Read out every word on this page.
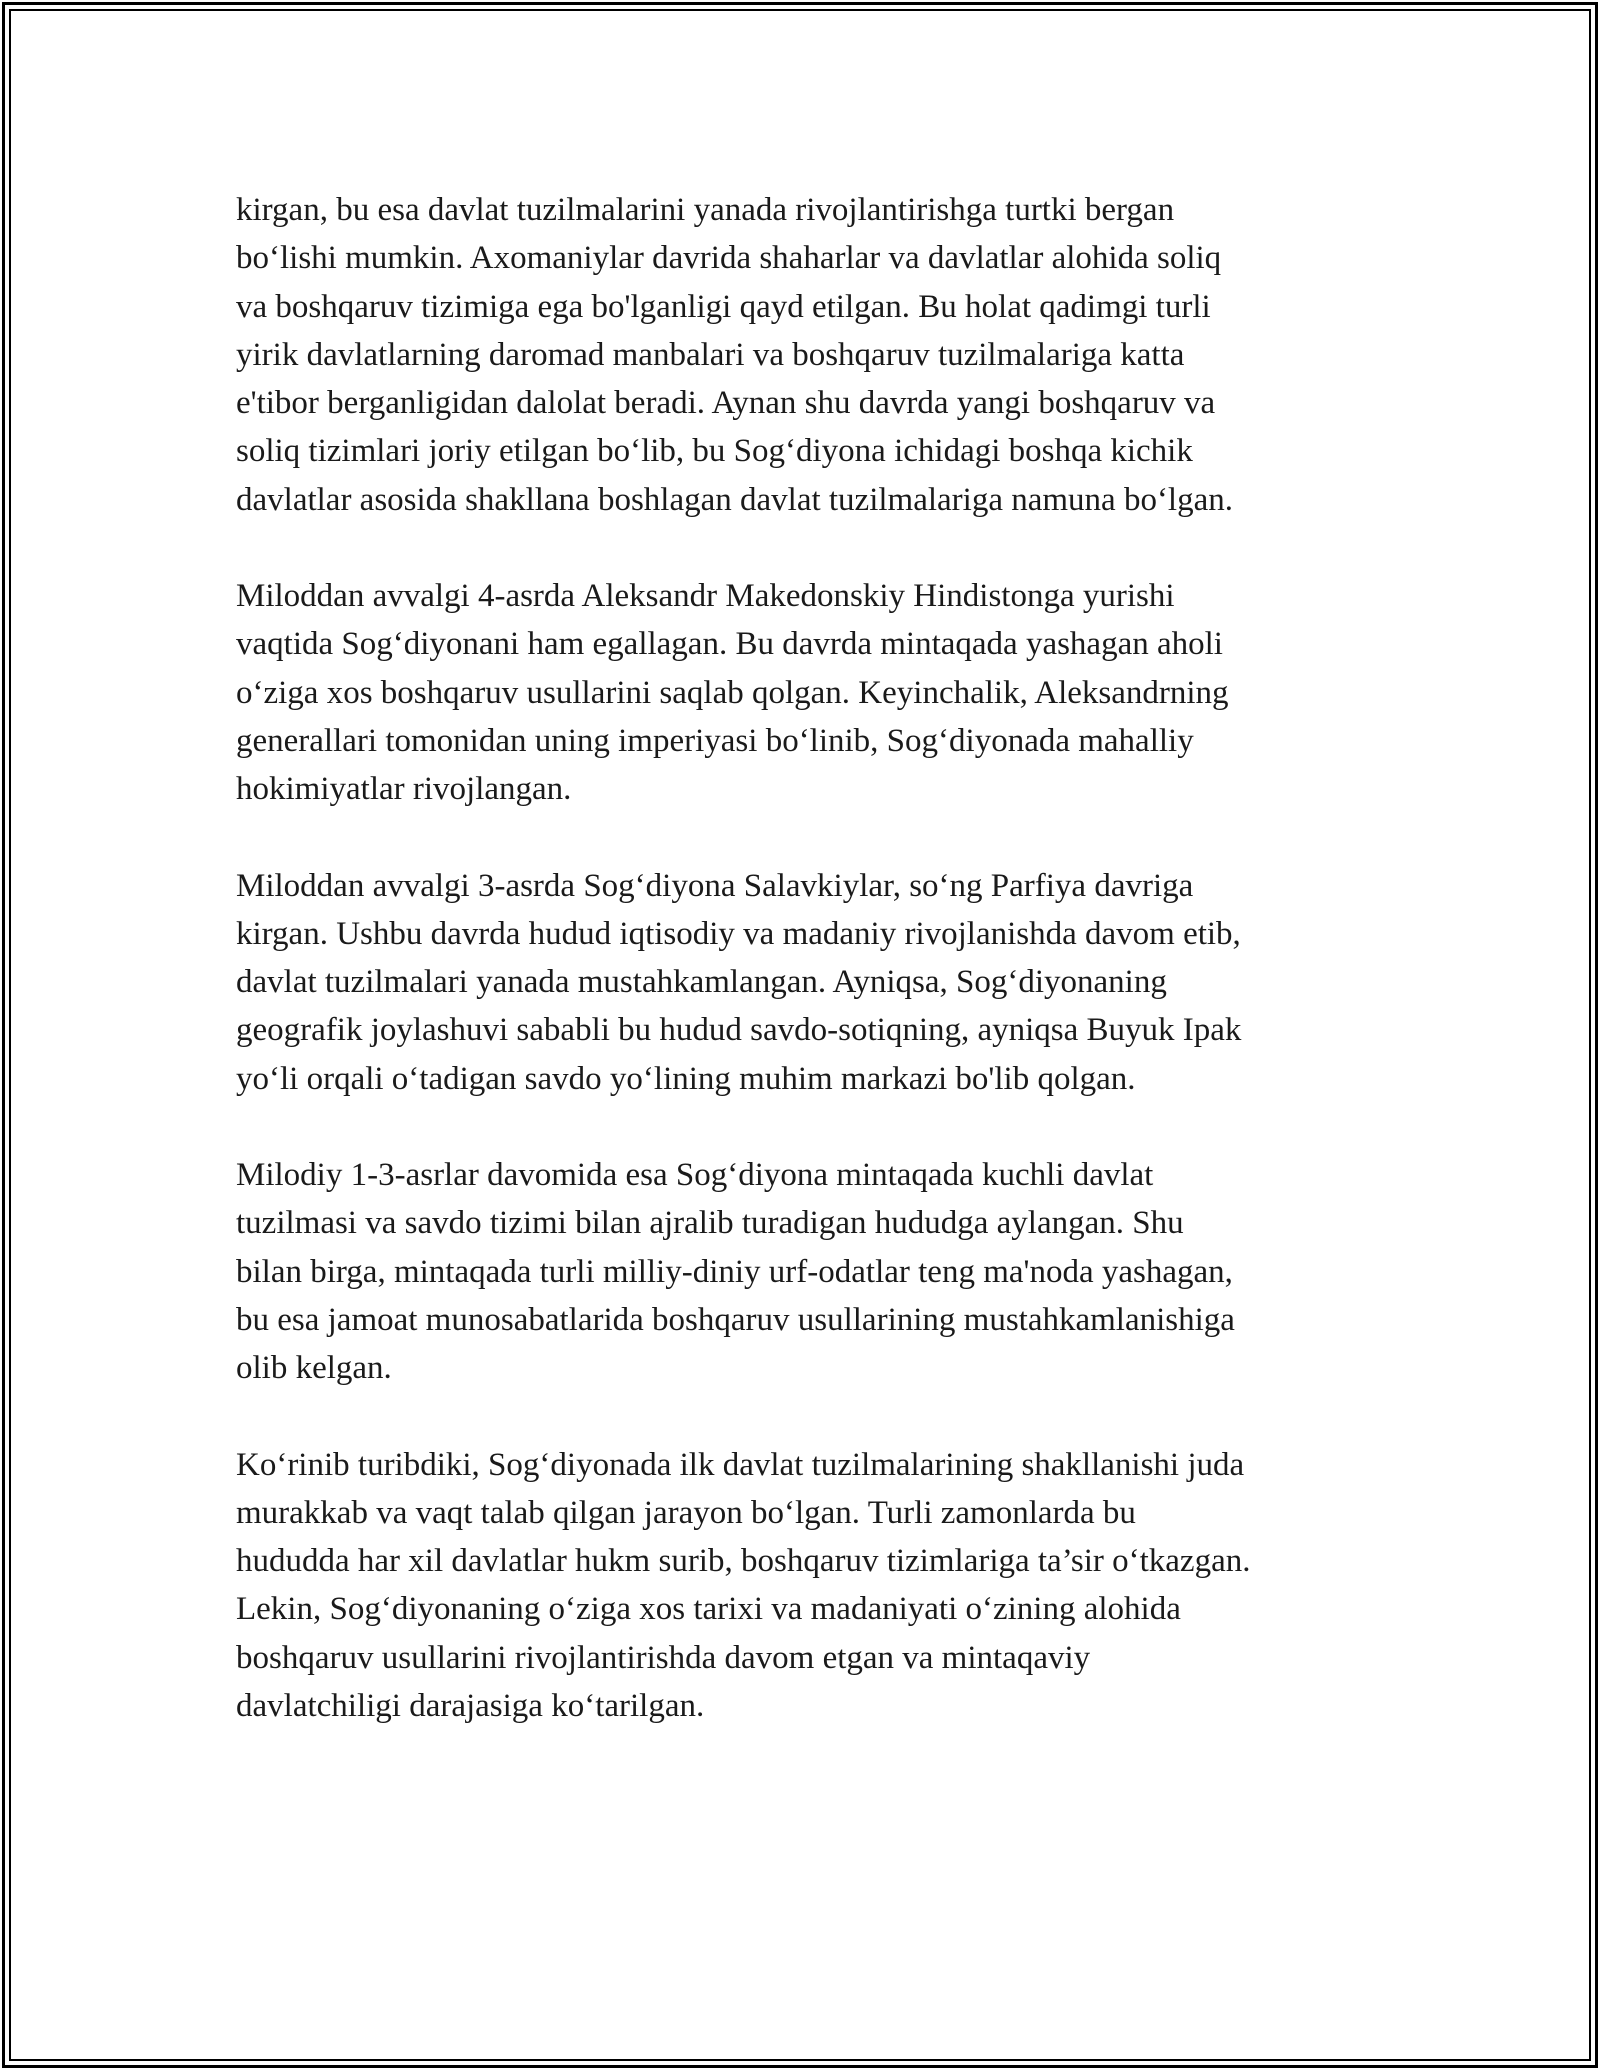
kirgan, bu esa davlat tuzilmalarini yanada rivojlantirishga turtki bergan
bo‘lishi mumkin. Axomaniylar davrida shaharlar va davlatlar alohida soliq
va boshqaruv tizimiga ega bo'lganligi qayd etilgan. Bu holat qadimgi turli
yirik davlatlarning daromad manbalari va boshqaruv tuzilmalariga katta
e'tibor berganligidan dalolat beradi. Aynan shu davrda yangi boshqaruv va
soliq tizimlari joriy etilgan bo‘lib, bu Sog‘diyona ichidagi boshqa kichik
davlatlar asosida shakllana boshlagan davlat tuzilmalariga namuna bo‘lgan.

Miloddan avvalgi 4-asrda Aleksandr Makedonskiy Hindistonga yurishi
vaqtida Sog‘diyonani ham egallagan. Bu davrda mintaqada yashagan aholi
o‘ziga xos boshqaruv usullarini saqlab qolgan. Keyinchalik, Aleksandrning
generallari tomonidan uning imperiyasi bo‘linib, Sog‘diyonada mahalliy
hokimiyatlar rivojlangan.

Miloddan avvalgi 3-asrda Sog‘diyona Salavkiylar, so‘ng Parfiya davriga
kirgan. Ushbu davrda hudud iqtisodiy va madaniy rivojlanishda davom etib,
davlat tuzilmalari yanada mustahkamlangan. Ayniqsa, Sog‘diyonaning
geografik joylashuvi sababli bu hudud savdo-sotiqning, ayniqsa Buyuk Ipak
yo‘li orqali o‘tadigan savdo yo‘lining muhim markazi bo'lib qolgan.

Milodiy 1-3-asrlar davomida esa Sog‘diyona mintaqada kuchli davlat
tuzilmasi va savdo tizimi bilan ajralib turadigan hududga aylangan. Shu
bilan birga, mintaqada turli milliy-diniy urf-odatlar teng ma'noda yashagan,
bu esa jamoat munosabatlarida boshqaruv usullarining mustahkamlanishiga
olib kelgan.

Ko‘rinib turibdiki, Sog‘diyonada ilk davlat tuzilmalarining shakllanishi juda
murakkab va vaqt talab qilgan jarayon bo‘lgan. Turli zamonlarda bu
hududda har xil davlatlar hukm surib, boshqaruv tizimlariga ta’sir o‘tkazgan.
Lekin, Sog‘diyonaning o‘ziga xos tarixi va madaniyati o‘zining alohida
boshqaruv usullarini rivojlantirishda davom etgan va mintaqaviy
davlatchiligi darajasiga ko‘tarilgan.
